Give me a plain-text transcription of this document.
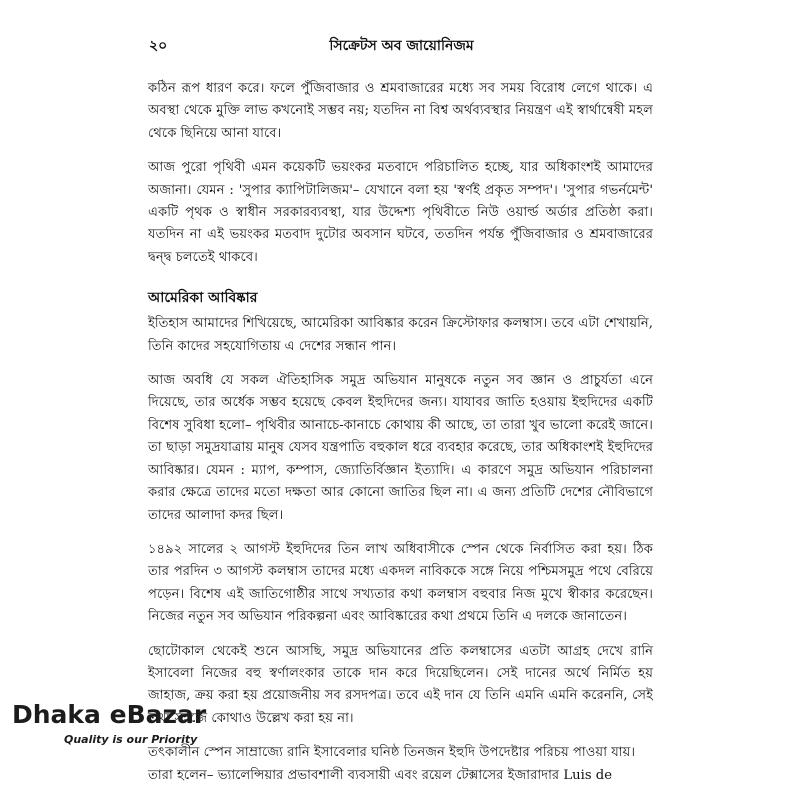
২০	সিক্রেটস অব জায়োনিজম

কঠিন রূপ ধারণ করে। ফলে পুঁজিবাজার ও শ্রমবাজারের মধ্যে সব সময় বিরোধ লেগে থাকে। এ অবস্থা থেকে মুক্তি লাভ কখনোই সম্ভব নয়; যতদিন না বিশ্ব অর্থব্যবস্থার নিয়ন্ত্রণ এই স্বার্থান্বেষী মহল থেকে ছিনিয়ে আনা যাবে।

আজ পুরো পৃথিবী এমন কয়েকটি ভয়ংকর মতবাদে পরিচালিত হচ্ছে, যার অধিকাংশই আমাদের অজানা। যেমন : 'সুপার ক্যাপিটালিজম'– যেখানে বলা হয় 'স্বর্ণই প্রকৃত সম্পদ'। 'সুপার গভর্নমেন্ট' একটি পৃথক ও স্বাধীন সরকারব্যবস্থা, যার উদ্দেশ্য পৃথিবীতে নিউ ওয়ার্ল্ড অর্ডার প্রতিষ্ঠা করা। যতদিন না এই ভয়ংকর মতবাদ দুটোর অবসান ঘটবে, ততদিন পর্যন্ত পুঁজিবাজার ও শ্রমবাজারের দ্বন্দ্ব চলতেই থাকবে।

আমেরিকা আবিষ্কার

ইতিহাস আমাদের শিখিয়েছে, আমেরিকা আবিষ্কার করেন ক্রিস্টোফার কলম্বাস। তবে এটা শেখায়নি, তিনি কাদের সহযোগিতায় এ দেশের সন্ধান পান।

আজ অবধি যে সকল ঐতিহাসিক সমুদ্র অভিযান মানুষকে নতুন সব জ্ঞান ও প্রাচুর্যতা এনে দিয়েছে, তার অর্ধেক সম্ভব হয়েছে কেবল ইহুদিদের জন্য। যাযাবর জাতি হওয়ায় ইহুদিদের একটি বিশেষ সুবিধা হলো– পৃথিবীর আনাচে-কানাচে কোথায় কী আছে, তা তারা খুব ভালো করেই জানে। তা ছাড়া সমুদ্রযাত্রায় মানুষ যেসব যন্ত্রপাতি বহুকাল ধরে ব্যবহার করেছে, তার অধিকাংশই ইহুদিদের আবিষ্কার। যেমন : ম্যাপ, কম্পাস, জ্যোতির্বিজ্ঞান ইত্যাদি। এ কারণে সমুদ্র অভিযান পরিচালনা করার ক্ষেত্রে তাদের মতো দক্ষতা আর কোনো জাতির ছিল না। এ জন্য প্রতিটি দেশের নৌবিভাগে তাদের আলাদা কদর ছিল।

১৪৯২ সালের ২ আগস্ট ইহুদিদের তিন লাখ অধিবাসীকে স্পেন থেকে নির্বাসিত করা হয়। ঠিক তার পরদিন ৩ আগস্ট কলম্বাস তাদের মধ্যে একদল নাবিককে সঙ্গে নিয়ে পশ্চিমসমুদ্র পথে বেরিয়ে পড়েন। বিশেষ এই জাতিগোষ্ঠীর সাথে সখ্যতার কথা কলম্বাস বহুবার নিজ মুখে স্বীকার করেছেন। নিজের নতুন সব অভিযান পরিকল্পনা এবং আবিষ্কারের কথা প্রথমে তিনি এ দলকে জানাতেন।

ছোটোকাল থেকেই শুনে আসছি, সমুদ্র অভিযানের প্রতি কলম্বাসের এতটা আগ্রহ দেখে রানি ইসাবেলা নিজের বহু স্বর্ণালংকার তাকে দান করে দিয়েছিলেন। সেই দানের অর্থে নির্মিত হয় জাহাজ, ক্রয় করা হয় প্রয়োজনীয় সব রসদপত্র। তবে এই দান যে তিনি এমনি এমনি করেননি, সেই তথ্য সহজে কোথাও উল্লেখ করা হয় না।

তৎকালীন স্পেন সাম্রাজ্যে রানি ইসাবেলার ঘনিষ্ঠ তিনজন ইহুদি উপদেষ্টার পরিচয় পাওয়া যায়।

তারা হলেন– ভ্যালেন্সিয়ার প্রভাবশালী ব্যবসায়ী এবং রয়েল টেক্সাসের ইজারাদার Luis de

Dhaka eBazar
Quality is our Priority
